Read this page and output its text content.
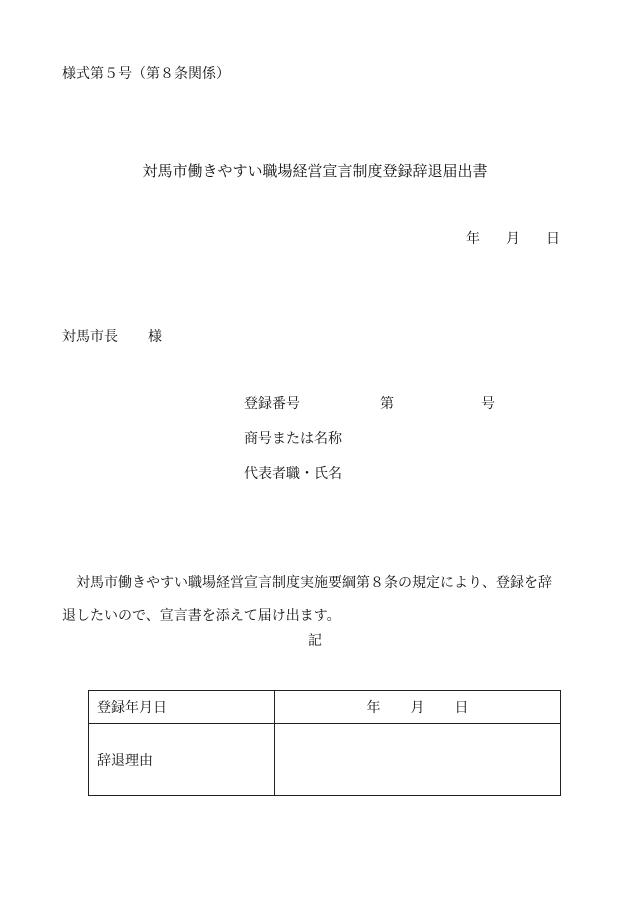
様式第５号（第８条関係）
対馬市働きやすい職場経営宣言制度登録辞退届出書
年 月 日
対馬市長 様
登録番号	第	号
商号または名称
代表者職・氏名
対馬市働きやすい職場経営宣言制度実施要綱第８条の規定により、登録を辞退したいので、宣言書を添えて届け出ます。
記
登録年月日	年 月 日
辞退理由	
